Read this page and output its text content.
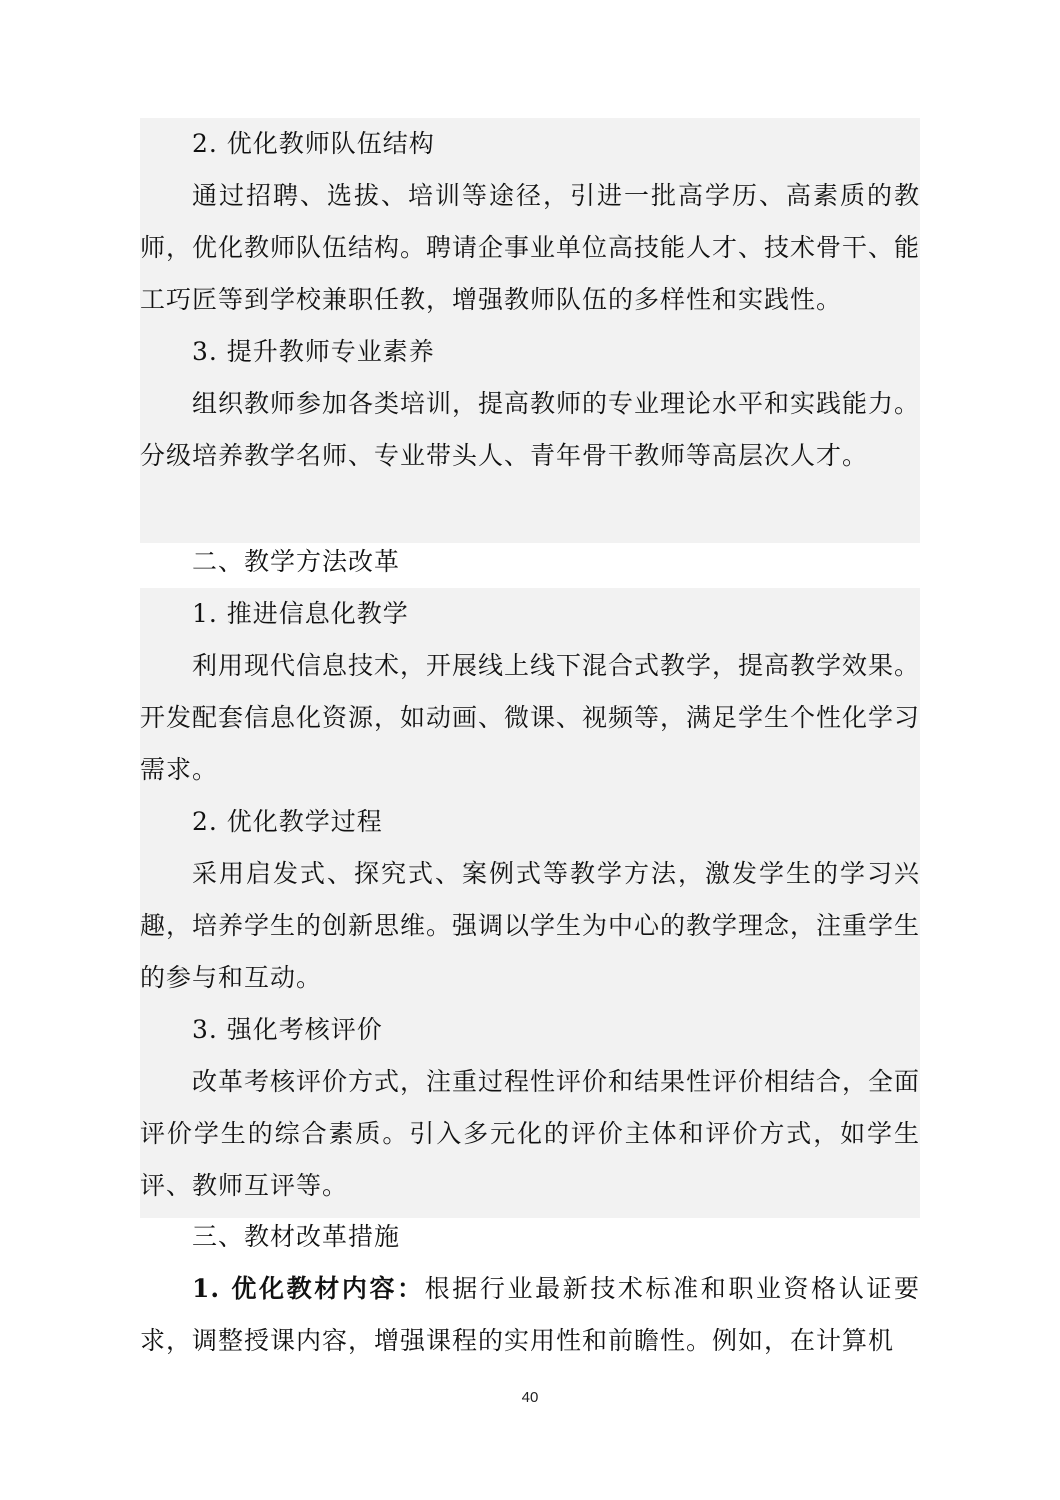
2. 优化教师队伍结构

通过招聘、选拔、培训等途径，引进一批高学历、高素质的教师，优化教师队伍结构。聘请企事业单位高技能人才、技术骨干、能工巧匠等到学校兼职任教，增强教师队伍的多样性和实践性。

3. 提升教师专业素养

组织教师参加各类培训，提高教师的专业理论水平和实践能力。分级培养教学名师、专业带头人、青年骨干教师等高层次人才。

二、教学方法改革

1. 推进信息化教学

利用现代信息技术，开展线上线下混合式教学，提高教学效果。开发配套信息化资源，如动画、微课、视频等，满足学生个性化学习需求。

2. 优化教学过程

采用启发式、探究式、案例式等教学方法，激发学生的学习兴趣，培养学生的创新思维。强调以学生为中心的教学理念，注重学生的参与和互动。

3. 强化考核评价

改革考核评价方式，注重过程性评价和结果性评价相结合，全面评价学生的综合素质。引入多元化的评价主体和评价方式，如学生评、教师互评等。

三、教材改革措施

1. 优化教材内容：根据行业最新技术标准和职业资格认证要求，调整授课内容，增强课程的实用性和前瞻性。例如，在计算机

40
